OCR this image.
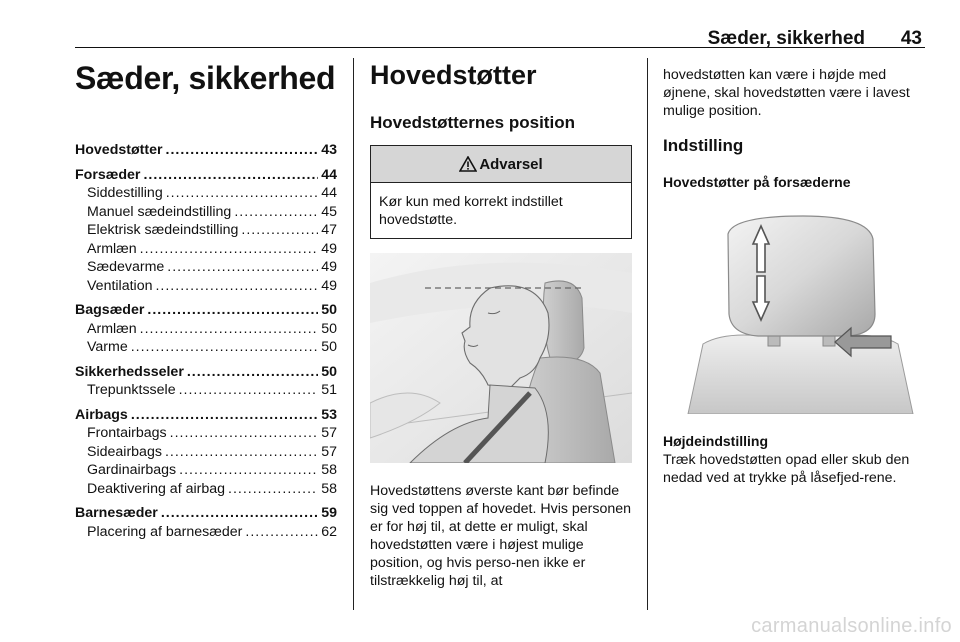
Sæder, sikkerhed 43
Sæder, sikkerhed
Hovedstøtter .....	43
Forsæder .....	44
Siddestilling .....	44
Manuel sædeindstilling .....	45
Elektrisk sædeindstilling .....	47
Armlæn .....	49
Sædevarme .....	49
Ventilation .....	49
Bagsæder .....	50
Armlæn .....	50
Varme .....	50
Sikkerhedsseler .....	50
Trepunktssele .....	51
Airbags .....	53
Frontairbags .....	57
Sideairbags .....	57
Gardinairbags .....	58
Deaktivering af airbag .....	58
Barnesæder .....	59
Placering af barnesæder .....	62
Hovedstøtter
Hovedstøtternes position
Advarsel
Kør kun med korrekt indstillet hovedstøtte.

Hovedstøttens øverste kant bør befinde sig ved toppen af hovedet. Hvis personen er for høj til, at dette er muligt, skal hovedstøtten være i højest mulige position, og hvis perso-nen ikke er tilstrækkelig høj til, at

hovedstøtten kan være i højde med øjnene, skal hovedstøtten være i lavest mulige position.

Indstilling
Hovedstøtter på forsæderne
Højdeindstilling

Træk hovedstøtten opad eller skub den nedad ved at trykke på låsefjed-rene.

carmanualsonline.info
